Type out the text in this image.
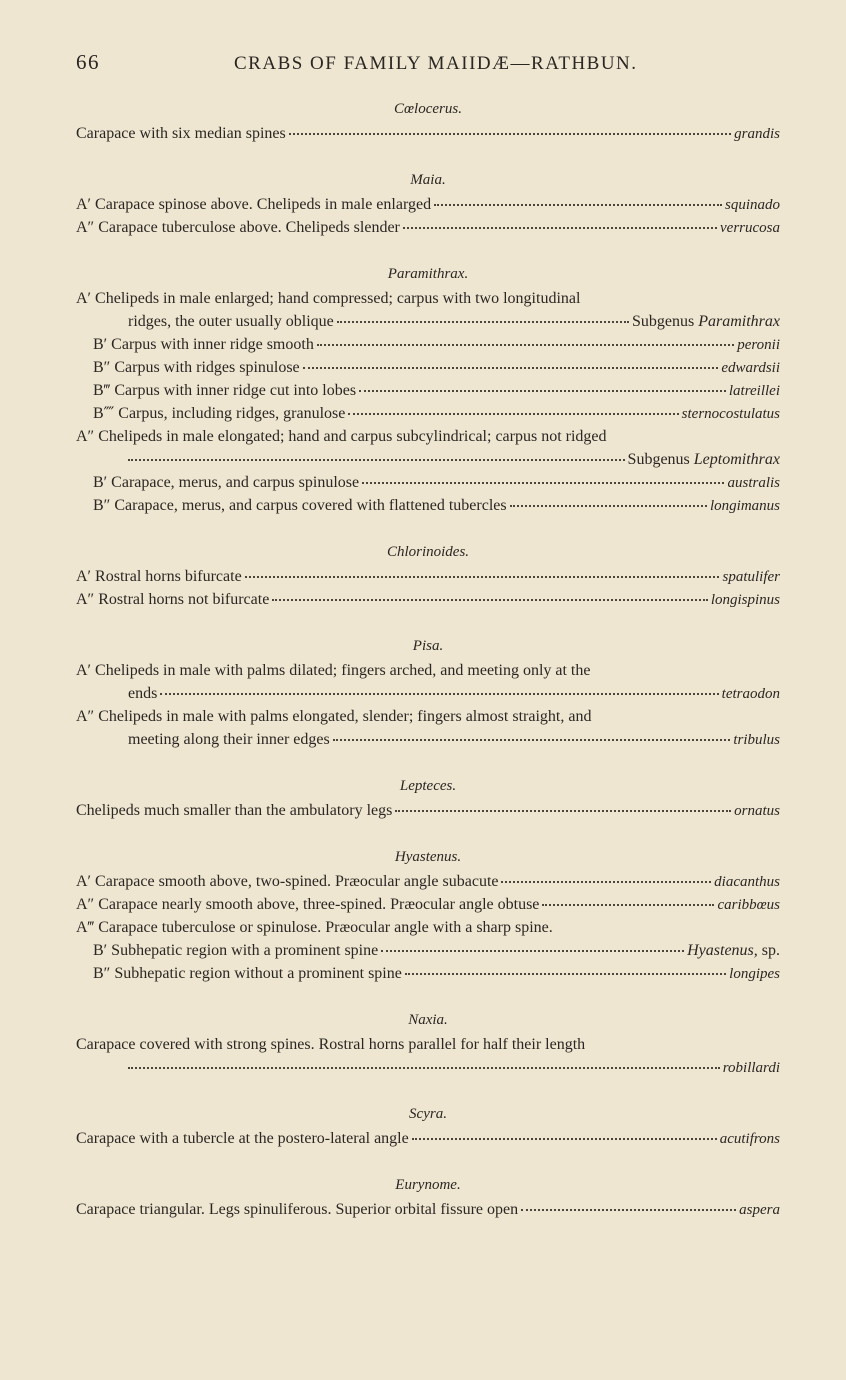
66	CRABS OF FAMILY MAIIDÆ—RATHBUN.

Cœlocerus.

Carapace with six median spines	grandis

Maia.

A′ Carapace spinose above. Chelipeds in male enlarged	squinado
A″ Carapace tuberculose above. Chelipeds slender	verrucosa

Paramithrax.

A′ Chelipeds in male enlarged; hand compressed; carpus with two longitudinal
ridges, the outer usually oblique	Subgenus Paramithrax
B′ Carpus with inner ridge smooth	peronii
B″ Carpus with ridges spinulose	edwardsii
B‴ Carpus with inner ridge cut into lobes	latreillei
B⁗ Carpus, including ridges, granulose	sternocostulatus
A″ Chelipeds in male elongated; hand and carpus subcylindrical; carpus not ridged
Subgenus Leptomithrax
B′ Carapace, merus, and carpus spinulose	australis
B″ Carapace, merus, and carpus covered with flattened tubercles	longimanus

Chlorinoides.

A′ Rostral horns bifurcate	spatulifer
A″ Rostral horns not bifurcate	longispinus

Pisa.

A′ Chelipeds in male with palms dilated; fingers arched, and meeting only at the
ends	tetraodon
A″ Chelipeds in male with palms elongated, slender; fingers almost straight, and
meeting along their inner edges	tribulus

Lepteces.

Chelipeds much smaller than the ambulatory legs	ornatus

Hyastenus.

A′ Carapace smooth above, two-spined. Præocular angle subacute	diacanthus
A″ Carapace nearly smooth above, three-spined. Præocular angle obtuse	caribbœus
A‴ Carapace tuberculose or spinulose. Præocular angle with a sharp spine.
B′ Subhepatic region with a prominent spine	Hyastenus, sp.
B″ Subhepatic region without a prominent spine	longipes

Naxia.

Carapace covered with strong spines. Rostral horns parallel for half their length
robillardi

Scyra.

Carapace with a tubercle at the postero-lateral angle	acutifrons

Eurynome.

Carapace triangular. Legs spinuliferous. Superior orbital fissure open	aspera
